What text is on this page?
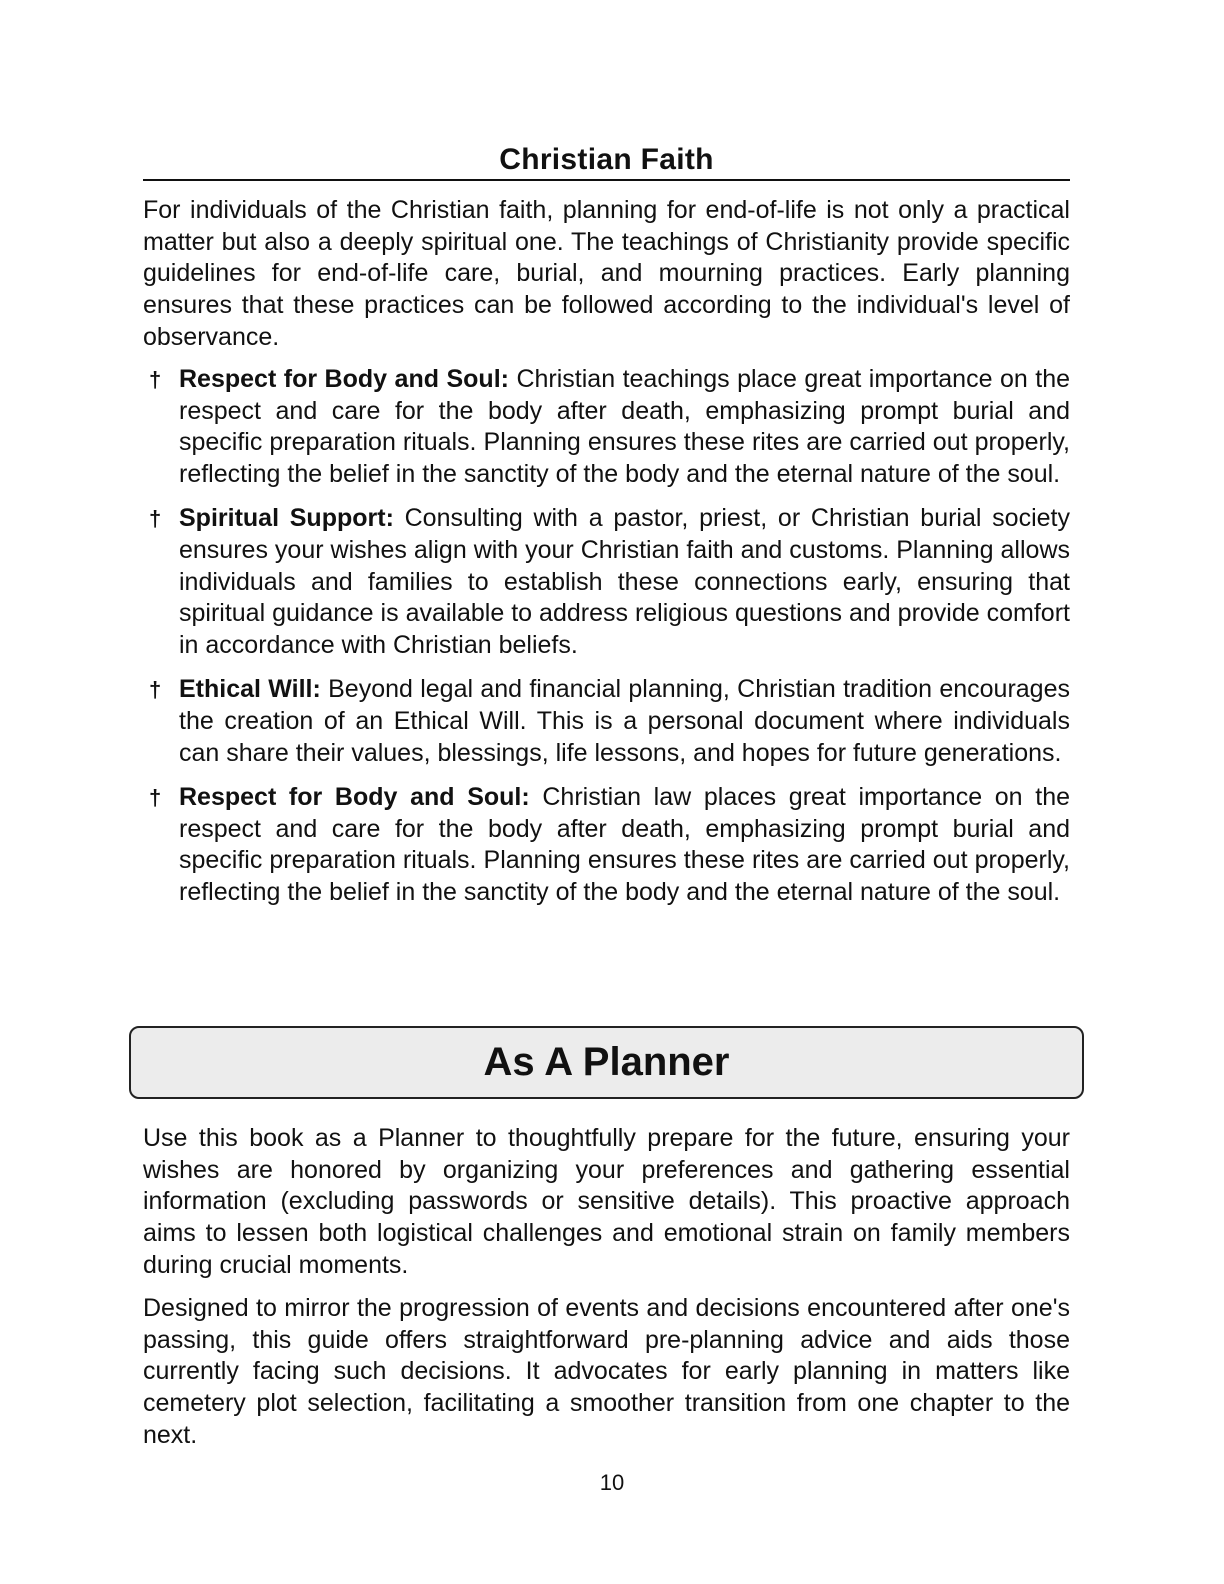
Christian Faith

For individuals of the Christian faith, planning for end-of-life is not only a practical matter but also a deeply spiritual one. The teachings of Christianity provide specific guidelines for end-of-life care, burial, and mourning practices. Early planning ensures that these practices can be followed according to the individual's level of observance.

† Respect for Body and Soul: Christian teachings place great importance on the respect and care for the body after death, emphasizing prompt burial and specific preparation rituals. Planning ensures these rites are carried out properly, reflecting the belief in the sanctity of the body and the eternal nature of the soul.
† Spiritual Support: Consulting with a pastor, priest, or Christian burial society ensures your wishes align with your Christian faith and customs. Planning allows individuals and families to establish these connections early, ensuring that spiritual guidance is available to address religious questions and provide comfort in accordance with Christian beliefs.
† Ethical Will: Beyond legal and financial planning, Christian tradition encourages the creation of an Ethical Will. This is a personal document where individuals can share their values, blessings, life lessons, and hopes for future generations.
† Respect for Body and Soul: Christian law places great importance on the respect and care for the body after death, emphasizing prompt burial and specific preparation rituals. Planning ensures these rites are carried out properly, reflecting the belief in the sanctity of the body and the eternal nature of the soul.
As A Planner

Use this book as a Planner to thoughtfully prepare for the future, ensuring your wishes are honored by organizing your preferences and gathering essential information (excluding passwords or sensitive details). This proactive approach aims to lessen both logistical challenges and emotional strain on family members during crucial moments.

Designed to mirror the progression of events and decisions encountered after one's passing, this guide offers straightforward pre-planning advice and aids those currently facing such decisions. It advocates for early planning in matters like cemetery plot selection, facilitating a smoother transition from one chapter to the next.

10
